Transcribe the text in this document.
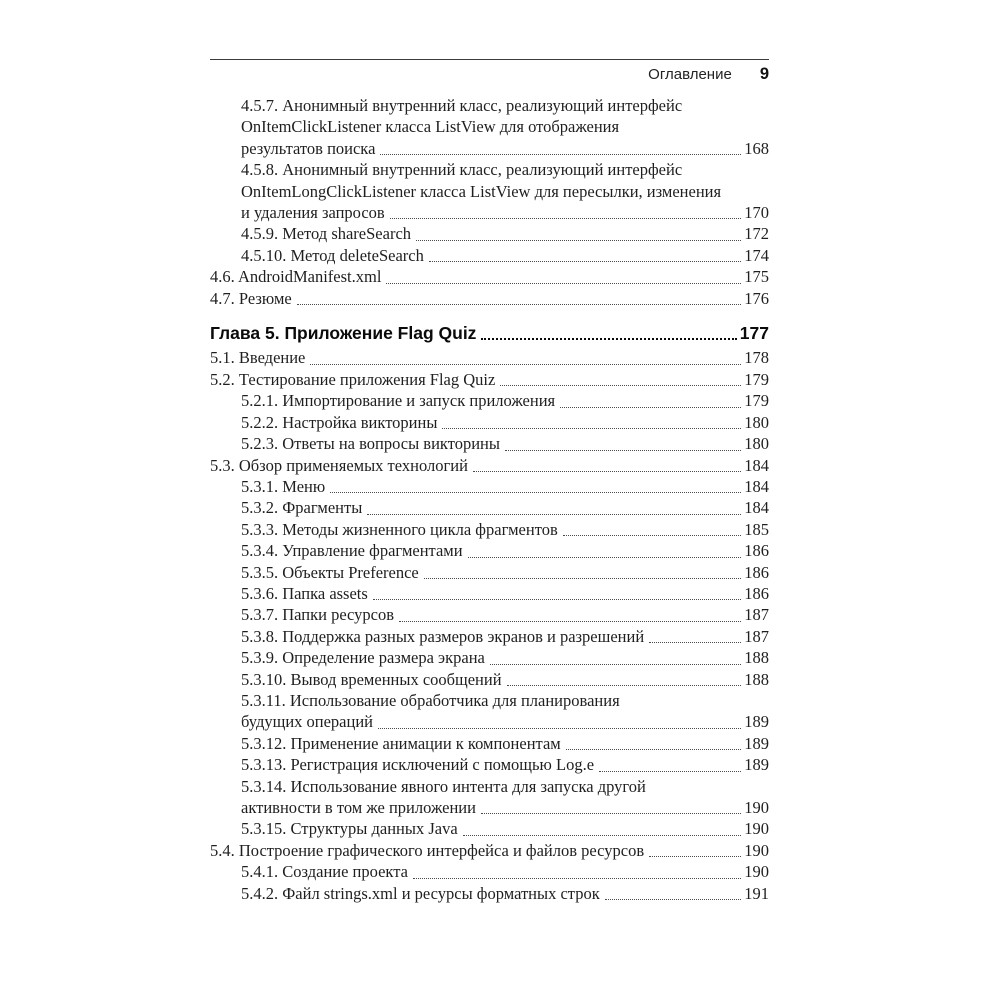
Оглавление 9
4.5.7. Анонимный внутренний класс, реализующий интерфейс
OnItemClickListener класса ListView для отображения
результатов поиска	168
4.5.8. Анонимный внутренний класс, реализующий интерфейс
OnItemLongClickListener класса ListView для пересылки, изменения
и удаления запросов	170
4.5.9. Метод shareSearch	172
4.5.10. Метод deleteSearch	174
4.6. AndroidManifest.xml	175
4.7. Резюме	176
Глава 5. Приложение Flag Quiz	177
5.1. Введение	178
5.2. Тестирование приложения Flag Quiz	179
5.2.1. Импортирование и запуск приложения	179
5.2.2. Настройка викторины	180
5.2.3. Ответы на вопросы викторины	180
5.3. Обзор применяемых технологий	184
5.3.1. Меню	184
5.3.2. Фрагменты	184
5.3.3. Методы жизненного цикла фрагментов	185
5.3.4. Управление фрагментами	186
5.3.5. Объекты Preference	186
5.3.6. Папка assets	186
5.3.7. Папки ресурсов	187
5.3.8. Поддержка разных размеров экранов и разрешений	187
5.3.9. Определение размера экрана	188
5.3.10. Вывод временных сообщений	188
5.3.11. Использование обработчика для планирования
будущих операций	189
5.3.12. Применение анимации к компонентам	189
5.3.13. Регистрация исключений с помощью Log.e	189
5.3.14. Использование явного интента для запуска другой
активности в том же приложении	190
5.3.15. Структуры данных Java	190
5.4. Построение графического интерфейса и файлов ресурсов	190
5.4.1. Создание проекта	190
5.4.2. Файл strings.xml и ресурсы форматных строк	191
